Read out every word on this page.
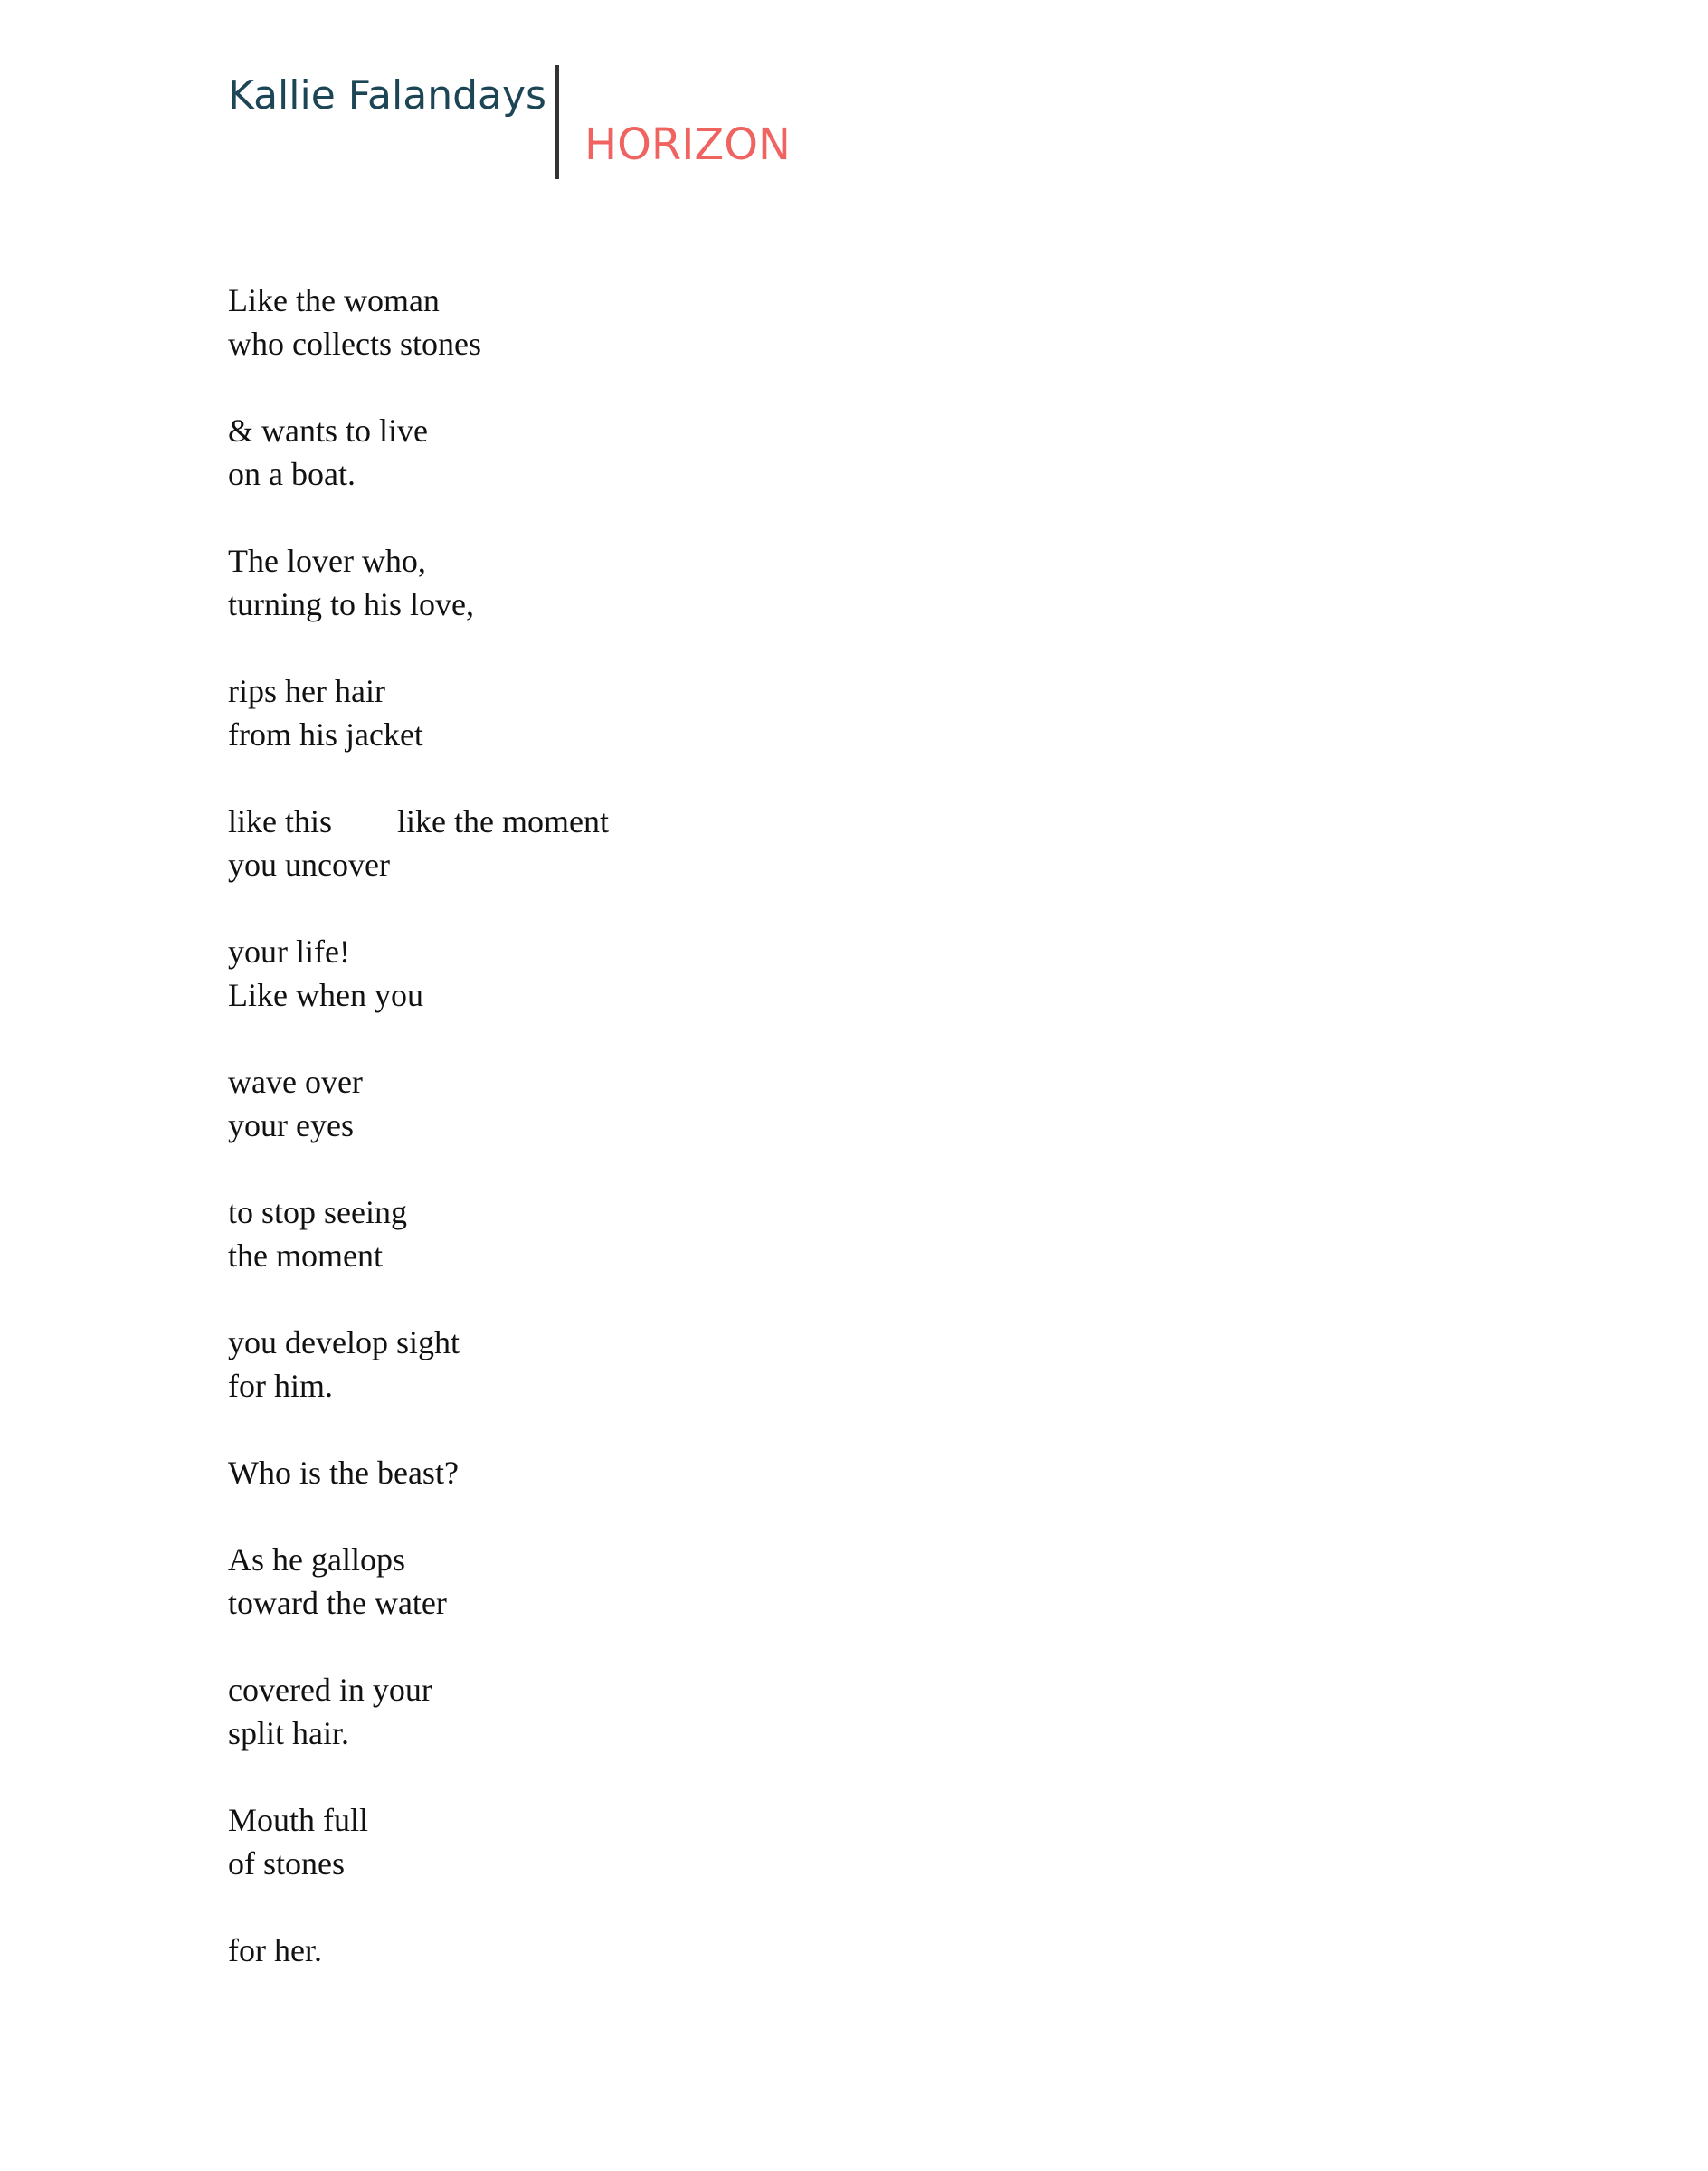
Kallie Falandays
HORIZON
Like the woman
who collects stones
& wants to live
on a boat.
The lover who,
turning to his love,
rips her hair
from his jacket
like this like the moment
you uncover
your life!
Like when you
wave over
your eyes
to stop seeing
the moment
you develop sight
for him.
Who is the beast?
As he gallops
toward the water
covered in your
split hair.
Mouth full
of stones
for her.
